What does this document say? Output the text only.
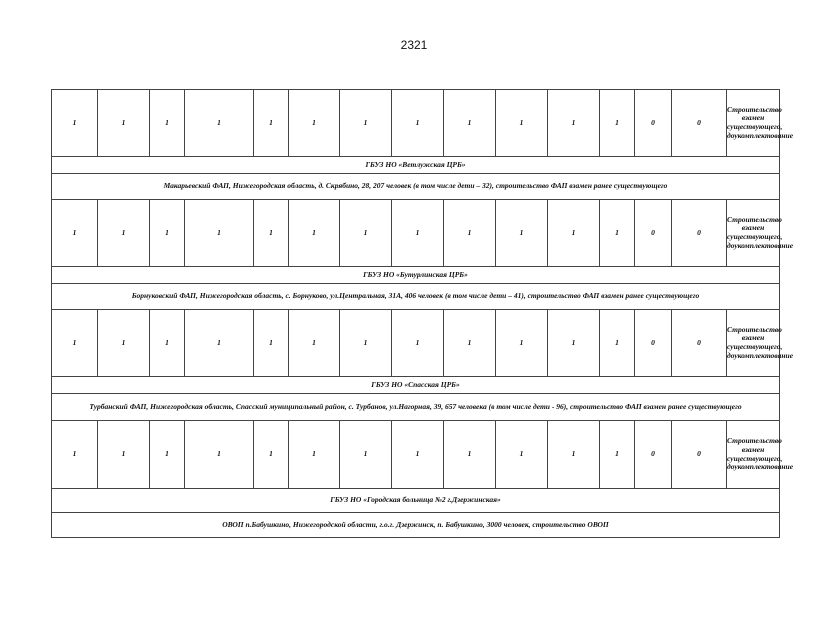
2321
1	1	1	1	1	1	1	1	1	1	1	1	0	0	Строительство взамен существующего, доукомплектование
ГБУЗ НО «Ветлужская ЦРБ»														
Макарьевский ФАП, Нижегородская область, д. Скрябино, 28, 207 человек (в том числе дети – 32), строительство ФАП взамен ранее существующего														
1	1	1	1	1	1	1	1	1	1	1	1	0	0	Строительство взамен существующего, доукомплектование
ГБУЗ НО «Бутурлинская ЦРБ»														
Борнуковский ФАП, Нижегородская область, с. Борнуково, ул.Центральная, 31А, 406 человек (в том числе дети – 41), строительство ФАП взамен ранее существующего														
1	1	1	1	1	1	1	1	1	1	1	1	0	0	Строительство взамен существующего, доукомплектование
ГБУЗ НО «Спасская ЦРБ»														
Турбанский ФАП, Нижегородская область, Спасский муниципальный район, с. Турбанов, ул.Нагорная, 39, 657 человека (в том числе дети - 96), строительство ФАП взамен ранее существующего														
1	1	1	1	1	1	1	1	1	1	1	1	0	0	Строительство взамен существующего, доукомплектование
ГБУЗ НО «Городская больница №2 г.Дзержинская»														
ОВОП п.Бабушкино, Нижегородской области, г.о.г. Дзержинск, п. Бабушкино, 3000 человек, строительство ОВОП														
